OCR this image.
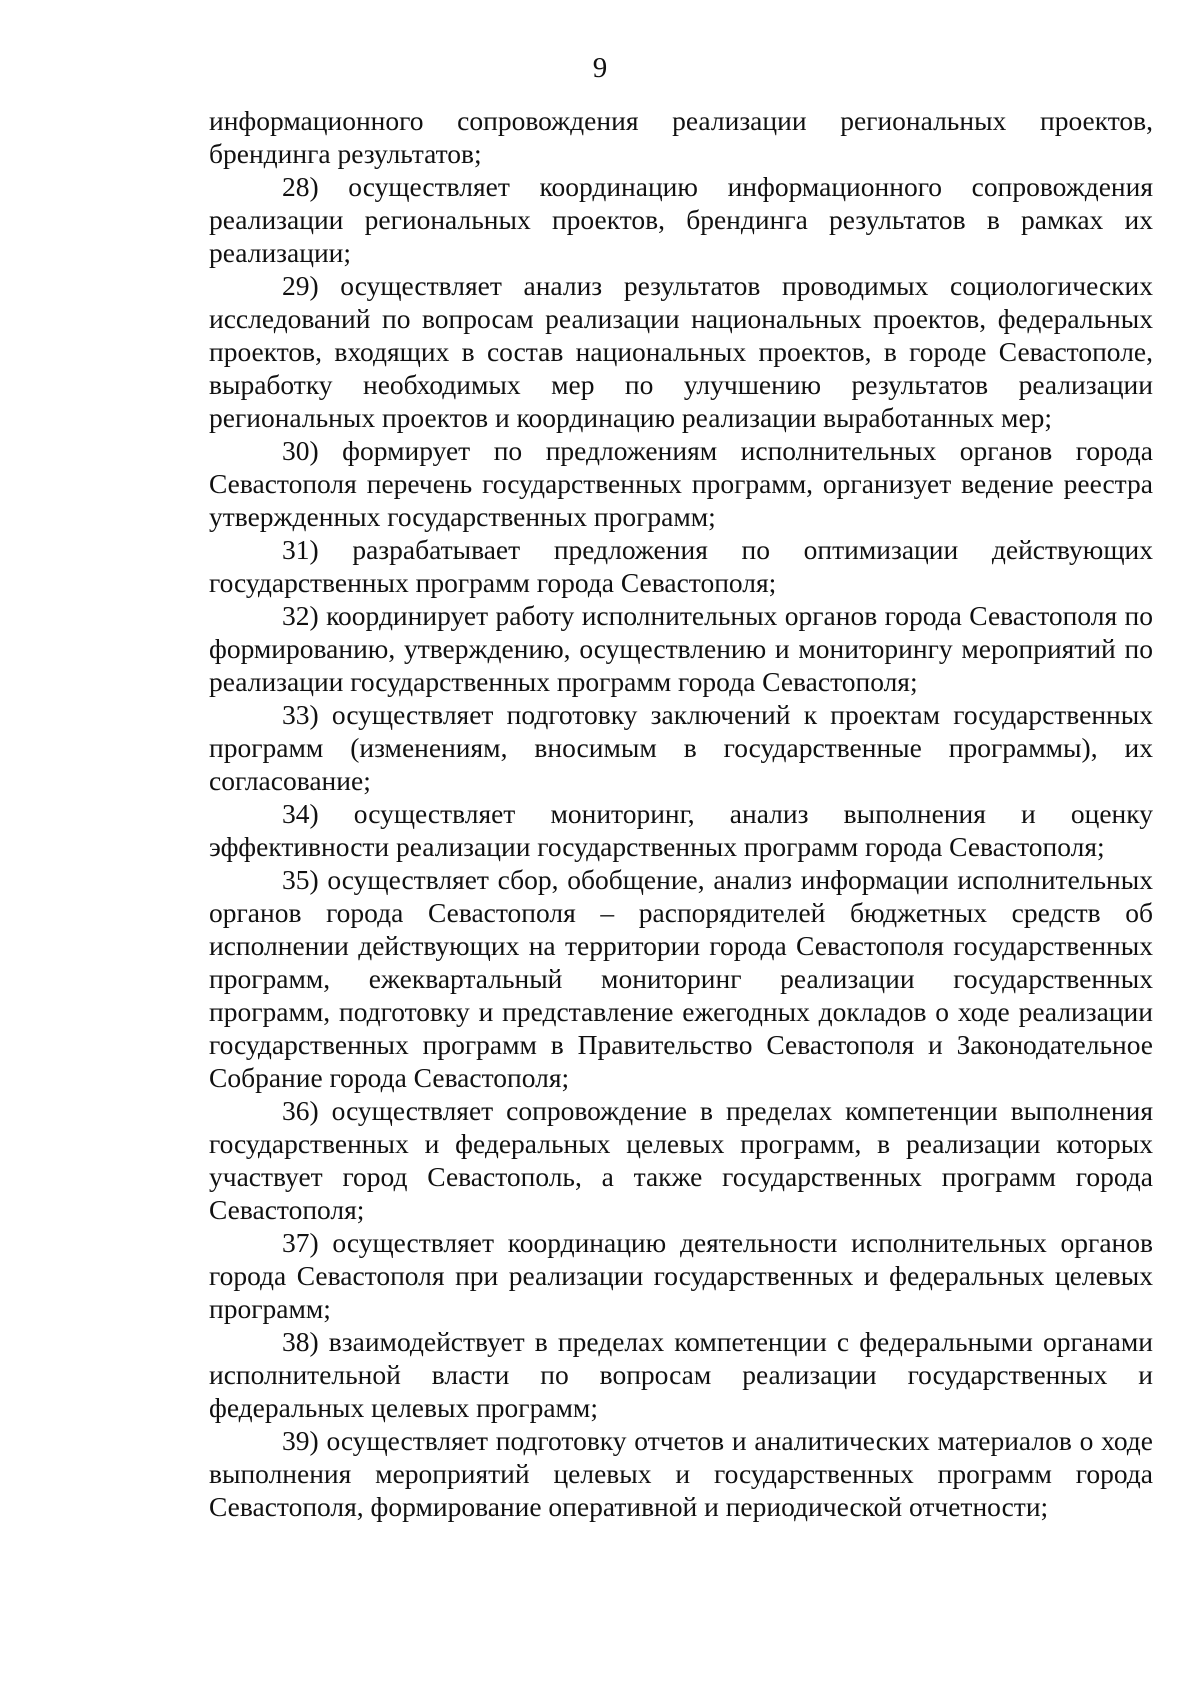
9

информационного сопровождения реализации региональных проектов, брендинга результатов;

28) осуществляет координацию информационного сопровождения реализации региональных проектов, брендинга результатов в рамках их реализации;

29) осуществляет анализ результатов проводимых социологических исследований по вопросам реализации национальных проектов, федеральных проектов, входящих в состав национальных проектов, в городе Севастополе, выработку необходимых мер по улучшению результатов реализации региональных проектов и координацию реализации выработанных мер;

30) формирует по предложениям исполнительных органов города Севастополя перечень государственных программ, организует ведение реестра утвержденных государственных программ;

31) разрабатывает предложения по оптимизации действующих государственных программ города Севастополя;

32) координирует работу исполнительных органов города Севастополя по формированию, утверждению, осуществлению и мониторингу мероприятий по реализации государственных программ города Севастополя;

33) осуществляет подготовку заключений к проектам государственных программ (изменениям, вносимым в государственные программы), их согласование;

34) осуществляет мониторинг, анализ выполнения и оценку эффективности реализации государственных программ города Севастополя;

35) осуществляет сбор, обобщение, анализ информации исполнительных органов города Севастополя – распорядителей бюджетных средств об исполнении действующих на территории города Севастополя государственных программ, ежеквартальный мониторинг реализации государственных программ, подготовку и представление ежегодных докладов о ходе реализации государственных программ в Правительство Севастополя и Законодательное Собрание города Севастополя;

36) осуществляет сопровождение в пределах компетенции выполнения государственных и федеральных целевых программ, в реализации которых участвует город Севастополь, а также государственных программ города Севастополя;

37) осуществляет координацию деятельности исполнительных органов города Севастополя при реализации государственных и федеральных целевых программ;

38) взаимодействует в пределах компетенции с федеральными органами исполнительной власти по вопросам реализации государственных и федеральных целевых программ;

39) осуществляет подготовку отчетов и аналитических материалов о ходе выполнения мероприятий целевых и государственных программ города Севастополя, формирование оперативной и периодической отчетности;
